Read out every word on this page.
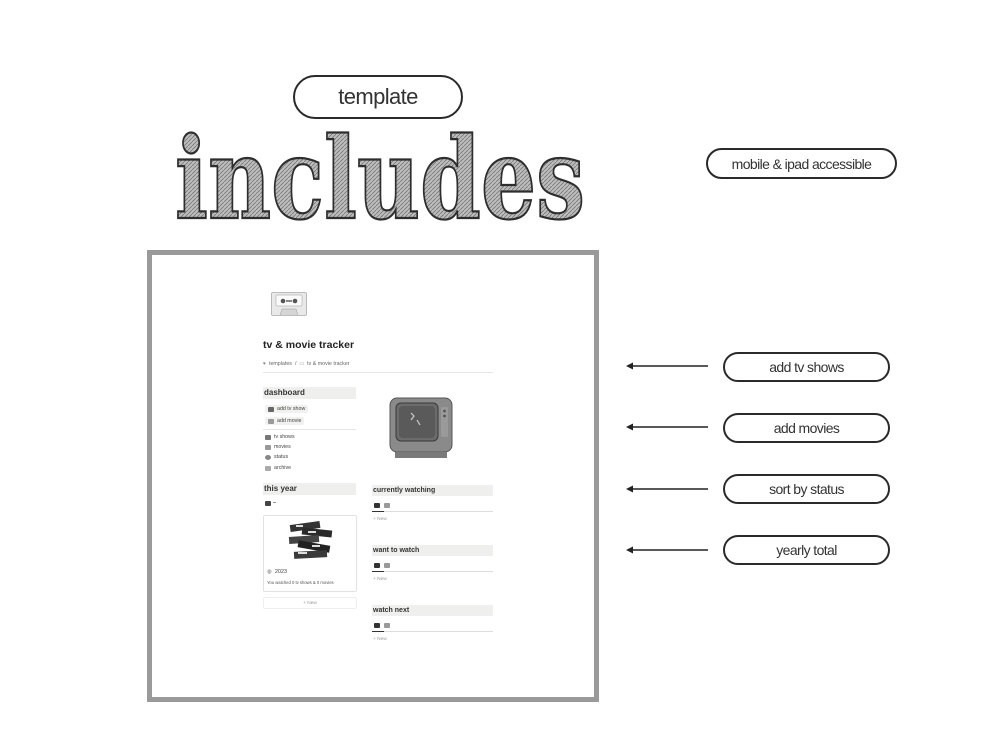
template
includes	mobile & ipad accessible
add tv shows
add movies
sort by status
yearly total
tv & movie tracker
♥ templates / ▭ tv & movie tracker
dashboard
add tv show
add movie
tv shows
movies
status
archive
this year
◍ 2023
You watched 0 tv shows & 0 movies
+ New
currently watching
+ New
want to watch
+ New
watch next
+ New
